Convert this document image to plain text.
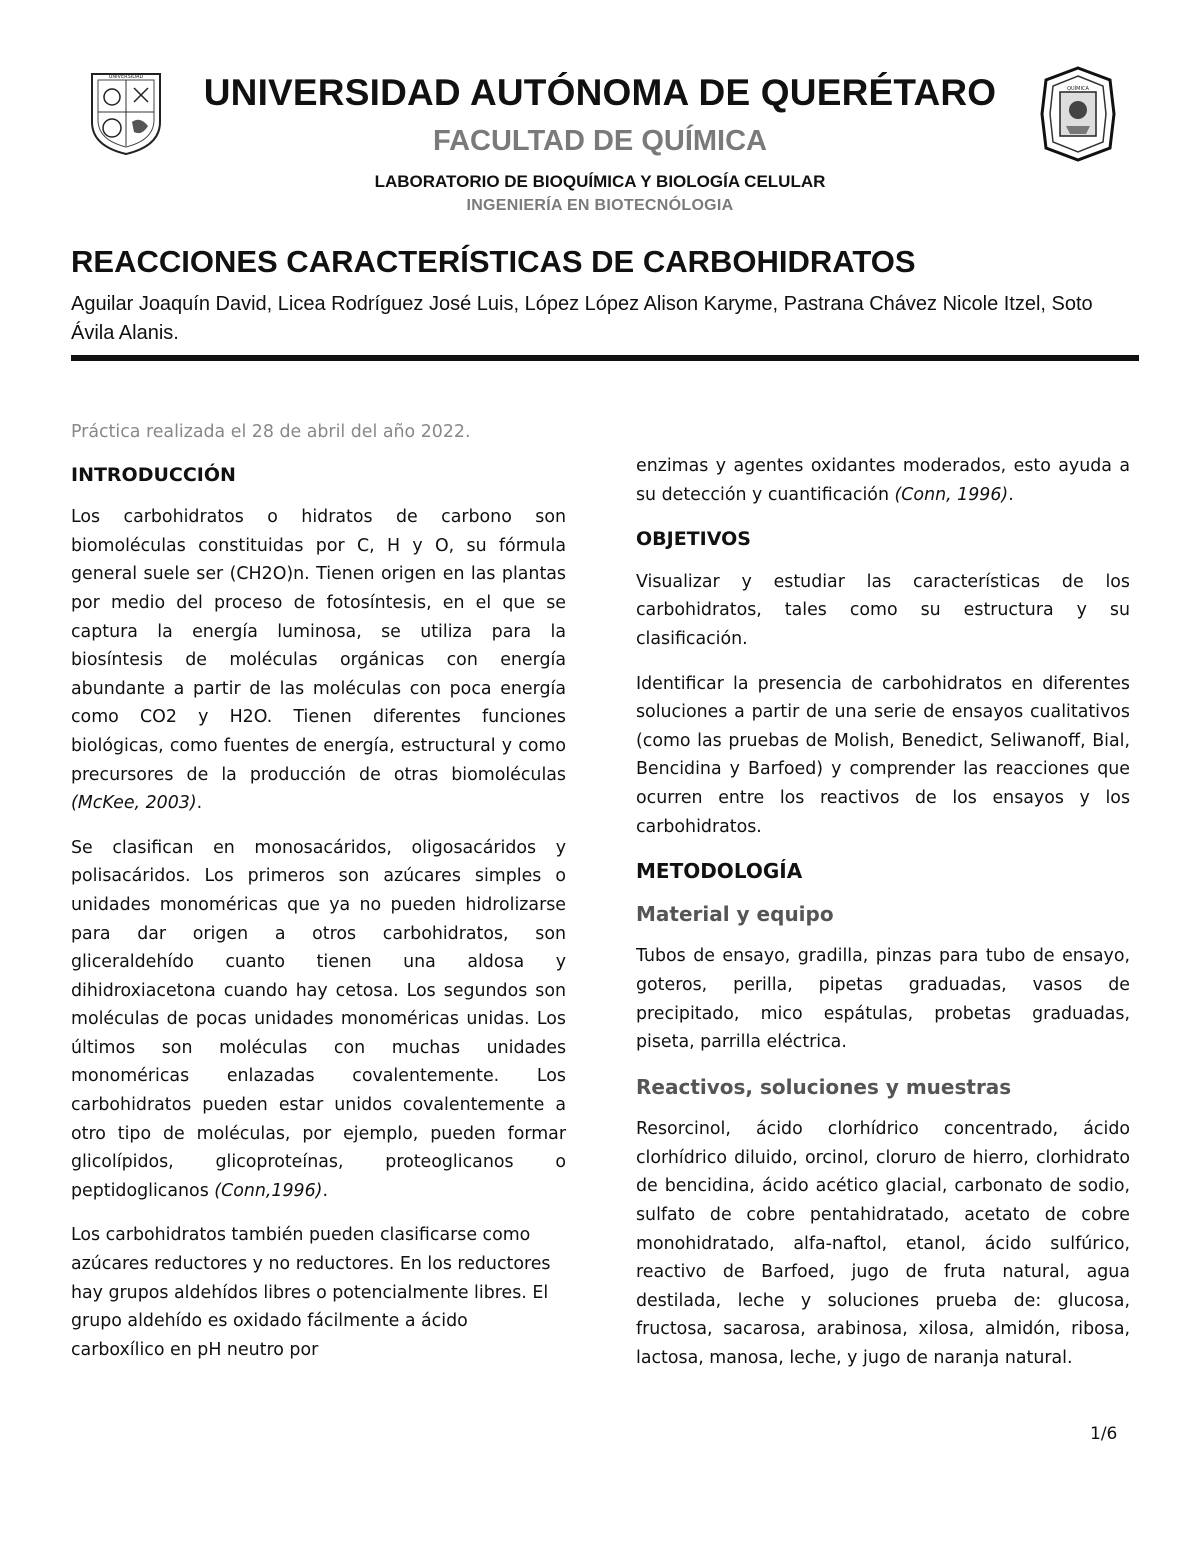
UNIVERSIDAD
QUÍMICA
UNIVERSIDAD AUTÓNOMA DE QUERÉTARO
FACULTAD DE QUÍMICA
LABORATORIO DE BIOQUÍMICA Y BIOLOGÍA CELULAR
INGENIERÍA EN BIOTECNÓLOGIA
REACCIONES CARACTERÍSTICAS DE CARBOHIDRATOS
Aguilar Joaquín David, Licea Rodríguez José Luis, López López Alison Karyme, Pastrana Chávez Nicole Itzel, Soto Ávila Alanis.

Práctica realizada el 28 de abril del año 2022.

INTRODUCCIÓN

Los carbohidratos o hidratos de carbono son biomoléculas constituidas por C, H y O, su fórmula general suele ser (CH2O)n. Tienen origen en las plantas por medio del proceso de fotosíntesis, en el que se captura la energía luminosa, se utiliza para la biosíntesis de moléculas orgánicas con energía abundante a partir de las moléculas con poca energía como CO2 y H2O. Tienen diferentes funciones biológicas, como fuentes de energía, estructural y como precursores de la producción de otras biomoléculas (McKee, 2003).

Se clasifican en monosacáridos, oligosacáridos y polisacáridos. Los primeros son azúcares simples o unidades monoméricas que ya no pueden hidrolizarse para dar origen a otros carbohidratos, son gliceraldehído cuanto tienen una aldosa y dihidroxiacetona cuando hay cetosa. Los segundos son moléculas de pocas unidades monoméricas unidas. Los últimos son moléculas con muchas unidades monoméricas enlazadas covalentemente. Los carbohidratos pueden estar unidos covalentemente a otro tipo de moléculas, por ejemplo, pueden formar glicolípidos, glicoproteínas, proteoglicanos o peptidoglicanos (Conn,1996).

Los carbohidratos también pueden clasificarse como azúcares reductores y no reductores. En los reductores hay grupos aldehídos libres o potencialmente libres. El grupo aldehído es oxidado fácilmente a ácido carboxílico en pH neutro por

enzimas y agentes oxidantes moderados, esto ayuda a su detección y cuantificación (Conn, 1996).

OBJETIVOS

Visualizar y estudiar las características de los carbohidratos, tales como su estructura y su clasificación.

Identificar la presencia de carbohidratos en diferentes soluciones a partir de una serie de ensayos cualitativos (como las pruebas de Molish, Benedict, Seliwanoff, Bial, Bencidina y Barfoed) y comprender las reacciones que ocurren entre los reactivos de los ensayos y los carbohidratos.

METODOLOGÍA

Material y equipo

Tubos de ensayo, gradilla, pinzas para tubo de ensayo, goteros, perilla, pipetas graduadas, vasos de precipitado, mico espátulas, probetas graduadas, piseta, parrilla eléctrica.

Reactivos, soluciones y muestras

Resorcinol, ácido clorhídrico concentrado, ácido clorhídrico diluido, orcinol, cloruro de hierro, clorhidrato de bencidina, ácido acético glacial, carbonato de sodio, sulfato de cobre pentahidratado, acetato de cobre monohidratado, alfa-naftol, etanol, ácido sulfúrico, reactivo de Barfoed, jugo de fruta natural, agua destilada, leche y soluciones prueba de: glucosa, fructosa, sacarosa, arabinosa, xilosa, almidón, ribosa, lactosa, manosa, leche, y jugo de naranja natural.

1/6
